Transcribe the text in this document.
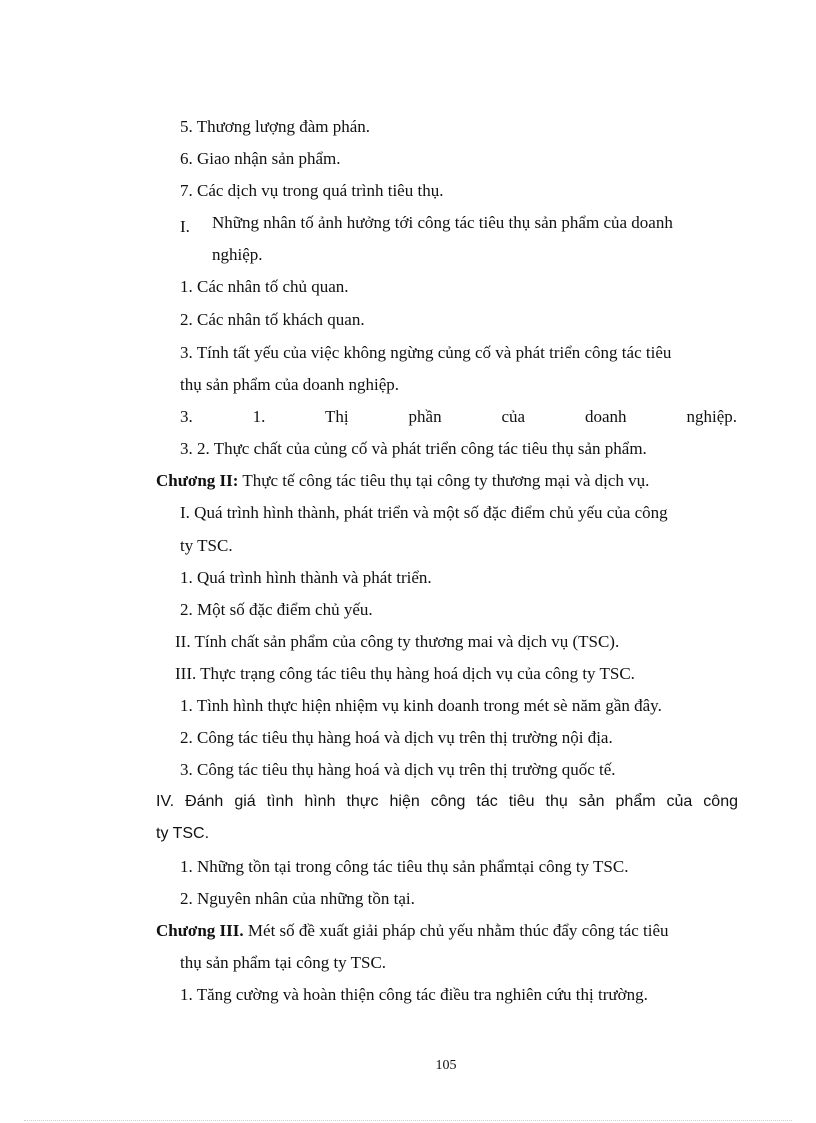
5. Thương lượng đàm phán.
6. Giao nhận sản phẩm.
7. Các dịch vụ trong quá trình tiêu thụ.
I. Những nhân tố ảnh hưởng tới công tác tiêu thụ sản phẩm của doanh
nghiệp.
1. Các nhân tố chủ quan.
2. Các nhân tố khách quan.
3. Tính tất yếu của việc không ngừng củng cố và phát triển công tác tiêu
thụ sản phẩm của doanh nghiệp.
3. 1. Thị phần của doanh nghiệp.
3. 2. Thực chất của củng cố và phát triển công tác tiêu thụ sản phẩm.
Chương II: Thực tế công tác tiêu thụ tại công ty thương mại và dịch vụ.
I. Quá trình hình thành, phát triển và một số đặc điểm chủ yếu của công
ty TSC.
1. Quá trình hình thành và phát triển.
2. Một số đặc điểm chủ yếu.
II. Tính chất sản phẩm của công ty thương mai và dịch vụ (TSC).
III. Thực trạng công tác tiêu thụ hàng hoá dịch vụ của công ty TSC.
1. Tình hình thực hiện nhiệm vụ kinh doanh trong mét sè năm gần đây.
2. Công tác tiêu thụ hàng hoá và dịch vụ trên thị trường nội địa.
3. Công tác tiêu thụ hàng hoá và dịch vụ trên thị trường quốc tế.
IV. Đánh giá tình hình thực hiện công tác tiêu thụ sản phẩm của công
ty TSC.
1. Những tồn tại trong công tác tiêu thụ sản phẩmtại công ty TSC.
2. Nguyên nhân của những tồn tại.
Chương III. Mét số đề xuất giải pháp chủ yếu nhằm thúc đẩy công tác tiêu
thụ sản phẩm tại công ty TSC.
1. Tăng cường và hoàn thiện công tác điều tra nghiên cứu thị trường.
105
